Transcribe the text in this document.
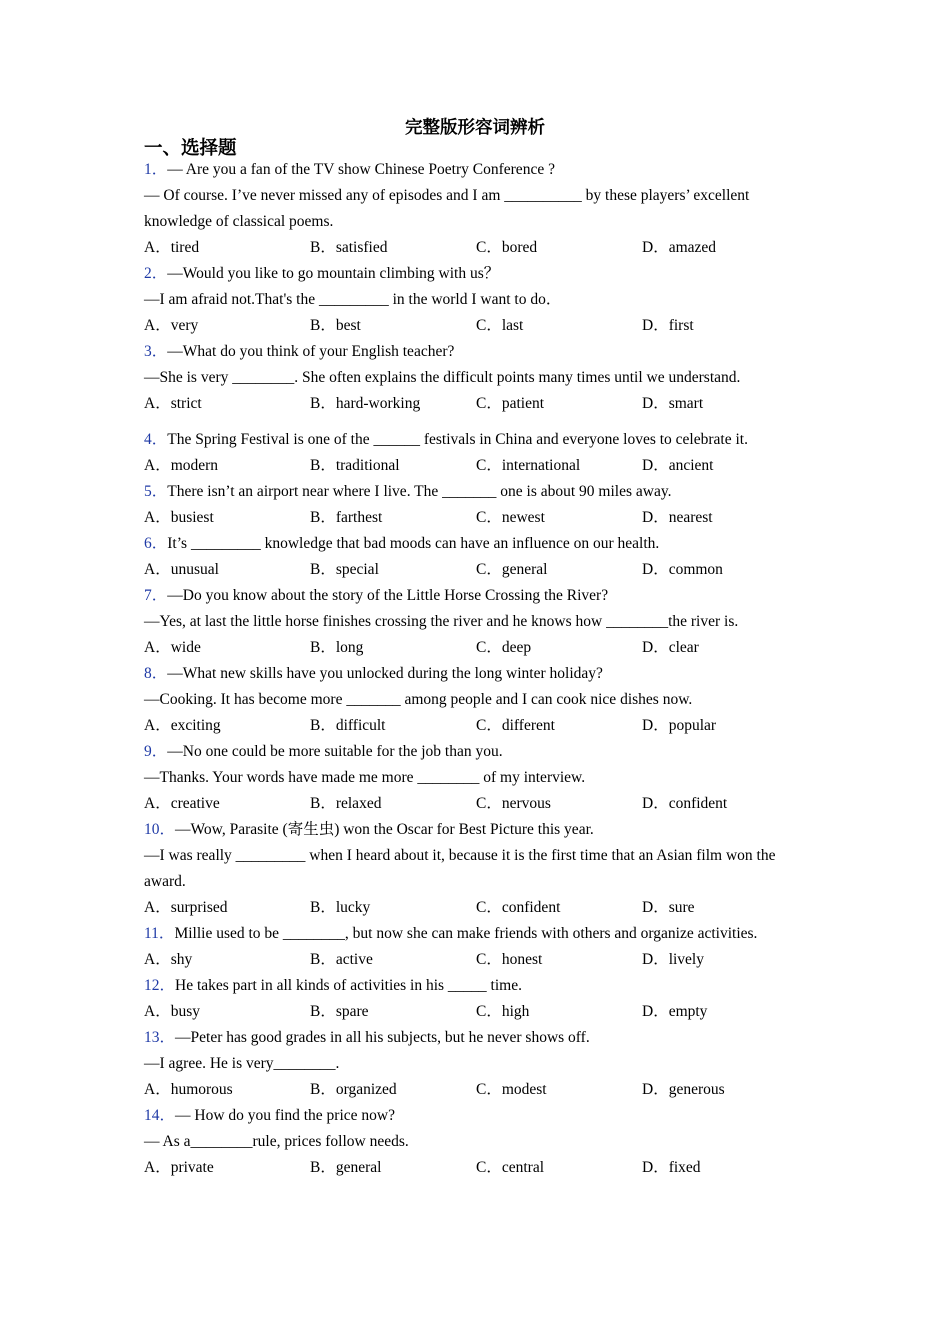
完整版形容词辨析
一、选择题
1．— Are you a fan of the TV show Chinese Poetry Conference ?
— Of course. I’ve never missed any of episodes and I am __________ by these players’ excellent knowledge of classical poems.
A．tired	B．satisfied	C．bored	D．amazed
2．—Would you like to go mountain climbing with us？
—I am afraid not.That's the _________ in the world I want to do．
A．very	B．best	C．last	D．first
3．—What do you think of your English teacher?
—She is very ________. She often explains the difficult points many times until we understand.
A．strict	B．hard-working	C．patient	D．smart
4．The Spring Festival is one of the ______ festivals in China and everyone loves to celebrate it.
A．modern	B．traditional	C．international	D．ancient
5．There isn’t an airport near where I live. The _______ one is about 90 miles away.
A．busiest	B．farthest	C．newest	D．nearest
6．It’s _________ knowledge that bad moods can have an influence on our health.
A．unusual	B．special	C．general	D．common
7．—Do you know about the story of the Little Horse Crossing the River?
—Yes, at last the little horse finishes crossing the river and he knows how ________the river is.
A．wide	B．long	C．deep	D．clear
8．—What new skills have you unlocked during the long winter holiday?
—Cooking. It has become more _______ among people and I can cook nice dishes now.
A．exciting	B．difficult	C．different	D．popular
9．—No one could be more suitable for the job than you.
—Thanks. Your words have made me more ________ of my interview.
A．creative	B．relaxed	C．nervous	D．confident
10．—Wow, Parasite (寄生虫) won the Oscar for Best Picture this year.
—I was really _________ when I heard about it, because it is the first time that an Asian film won the award.
A．surprised	B．lucky	C．confident	D．sure
11．Millie used to be ________, but now she can make friends with others and organize activities.
A．shy	B．active	C．honest	D．lively
12．He takes part in all kinds of activities in his _____ time.
A．busy	B．spare	C．high	D．empty
13．—Peter has good grades in all his subjects, but he never shows off.
—I agree. He is very________.
A．humorous	B．organized	C．modest	D．generous
14．— How do you find the price now?
— As a________rule, prices follow needs.
A．private	B．general	C．central	D．fixed
